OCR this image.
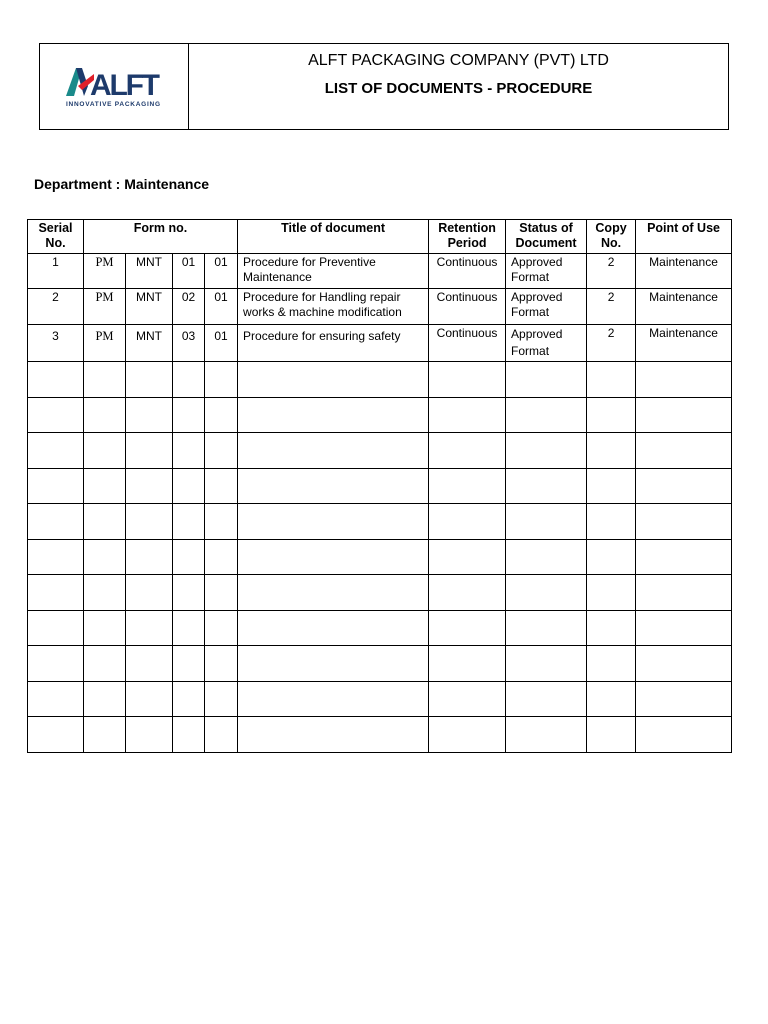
ALFT
INNOVATIVE PACKAGING
ALFT PACKAGING COMPANY (PVT) LTD
LIST OF DOCUMENTS - PROCEDURE
Department : Maintenance
Serial No.	Form no.				Title of document	Retention Period	Status of Document	Copy No.	Point of Use
1	PM	MNT	01	01	Procedure for Preventive Maintenance	Continuous	Approved Format	2	Maintenance
2	PM	MNT	02	01	Procedure for Handling repair works & machine modification	Continuous	Approved Format	2	Maintenance
3	PM	MNT	03	01	Procedure for ensuring safety	Continuous	Approved Format	2	Maintenance
